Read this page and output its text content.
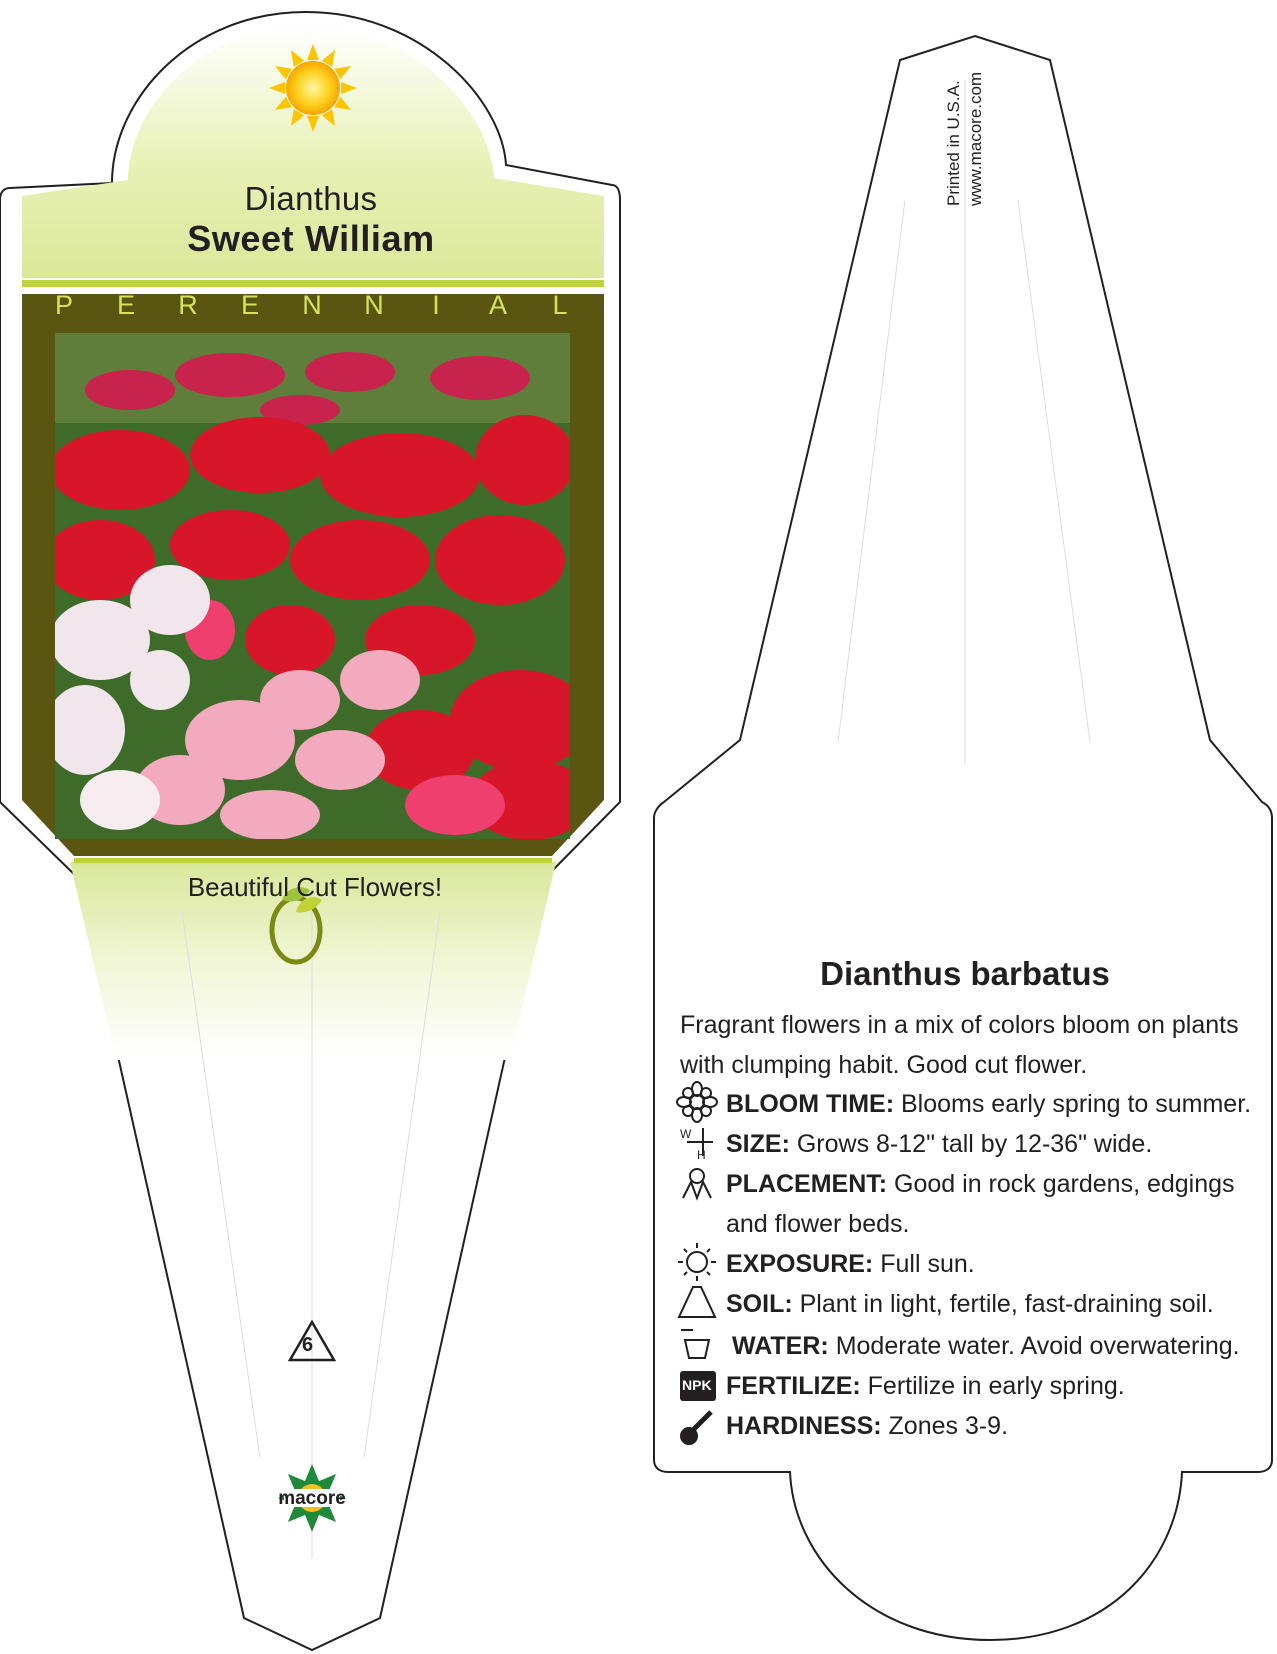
Dianthus
Sweet William
P E R E N N	I	A L
Beautiful Cut Flowers!
6
macore
Printed in U.S.A. www.macore.com
Dianthus barbatus
Fragrant flowers in a mix of colors bloom on plants with clumping habit. Good cut flower.
BLOOM TIME: Blooms early spring to summer.
SIZE: Grows 8-12" tall by 12-36" wide.
W
H
PLACEMENT: Good in rock gardens, edgings and flower beds.
EXPOSURE: Full sun.
SOIL: Plant in light, fertile, fast-draining soil.
WATER: Moderate water. Avoid overwatering.
NPK FERTILIZE: Fertilize in early spring.
HARDINESS: Zones 3-9.
